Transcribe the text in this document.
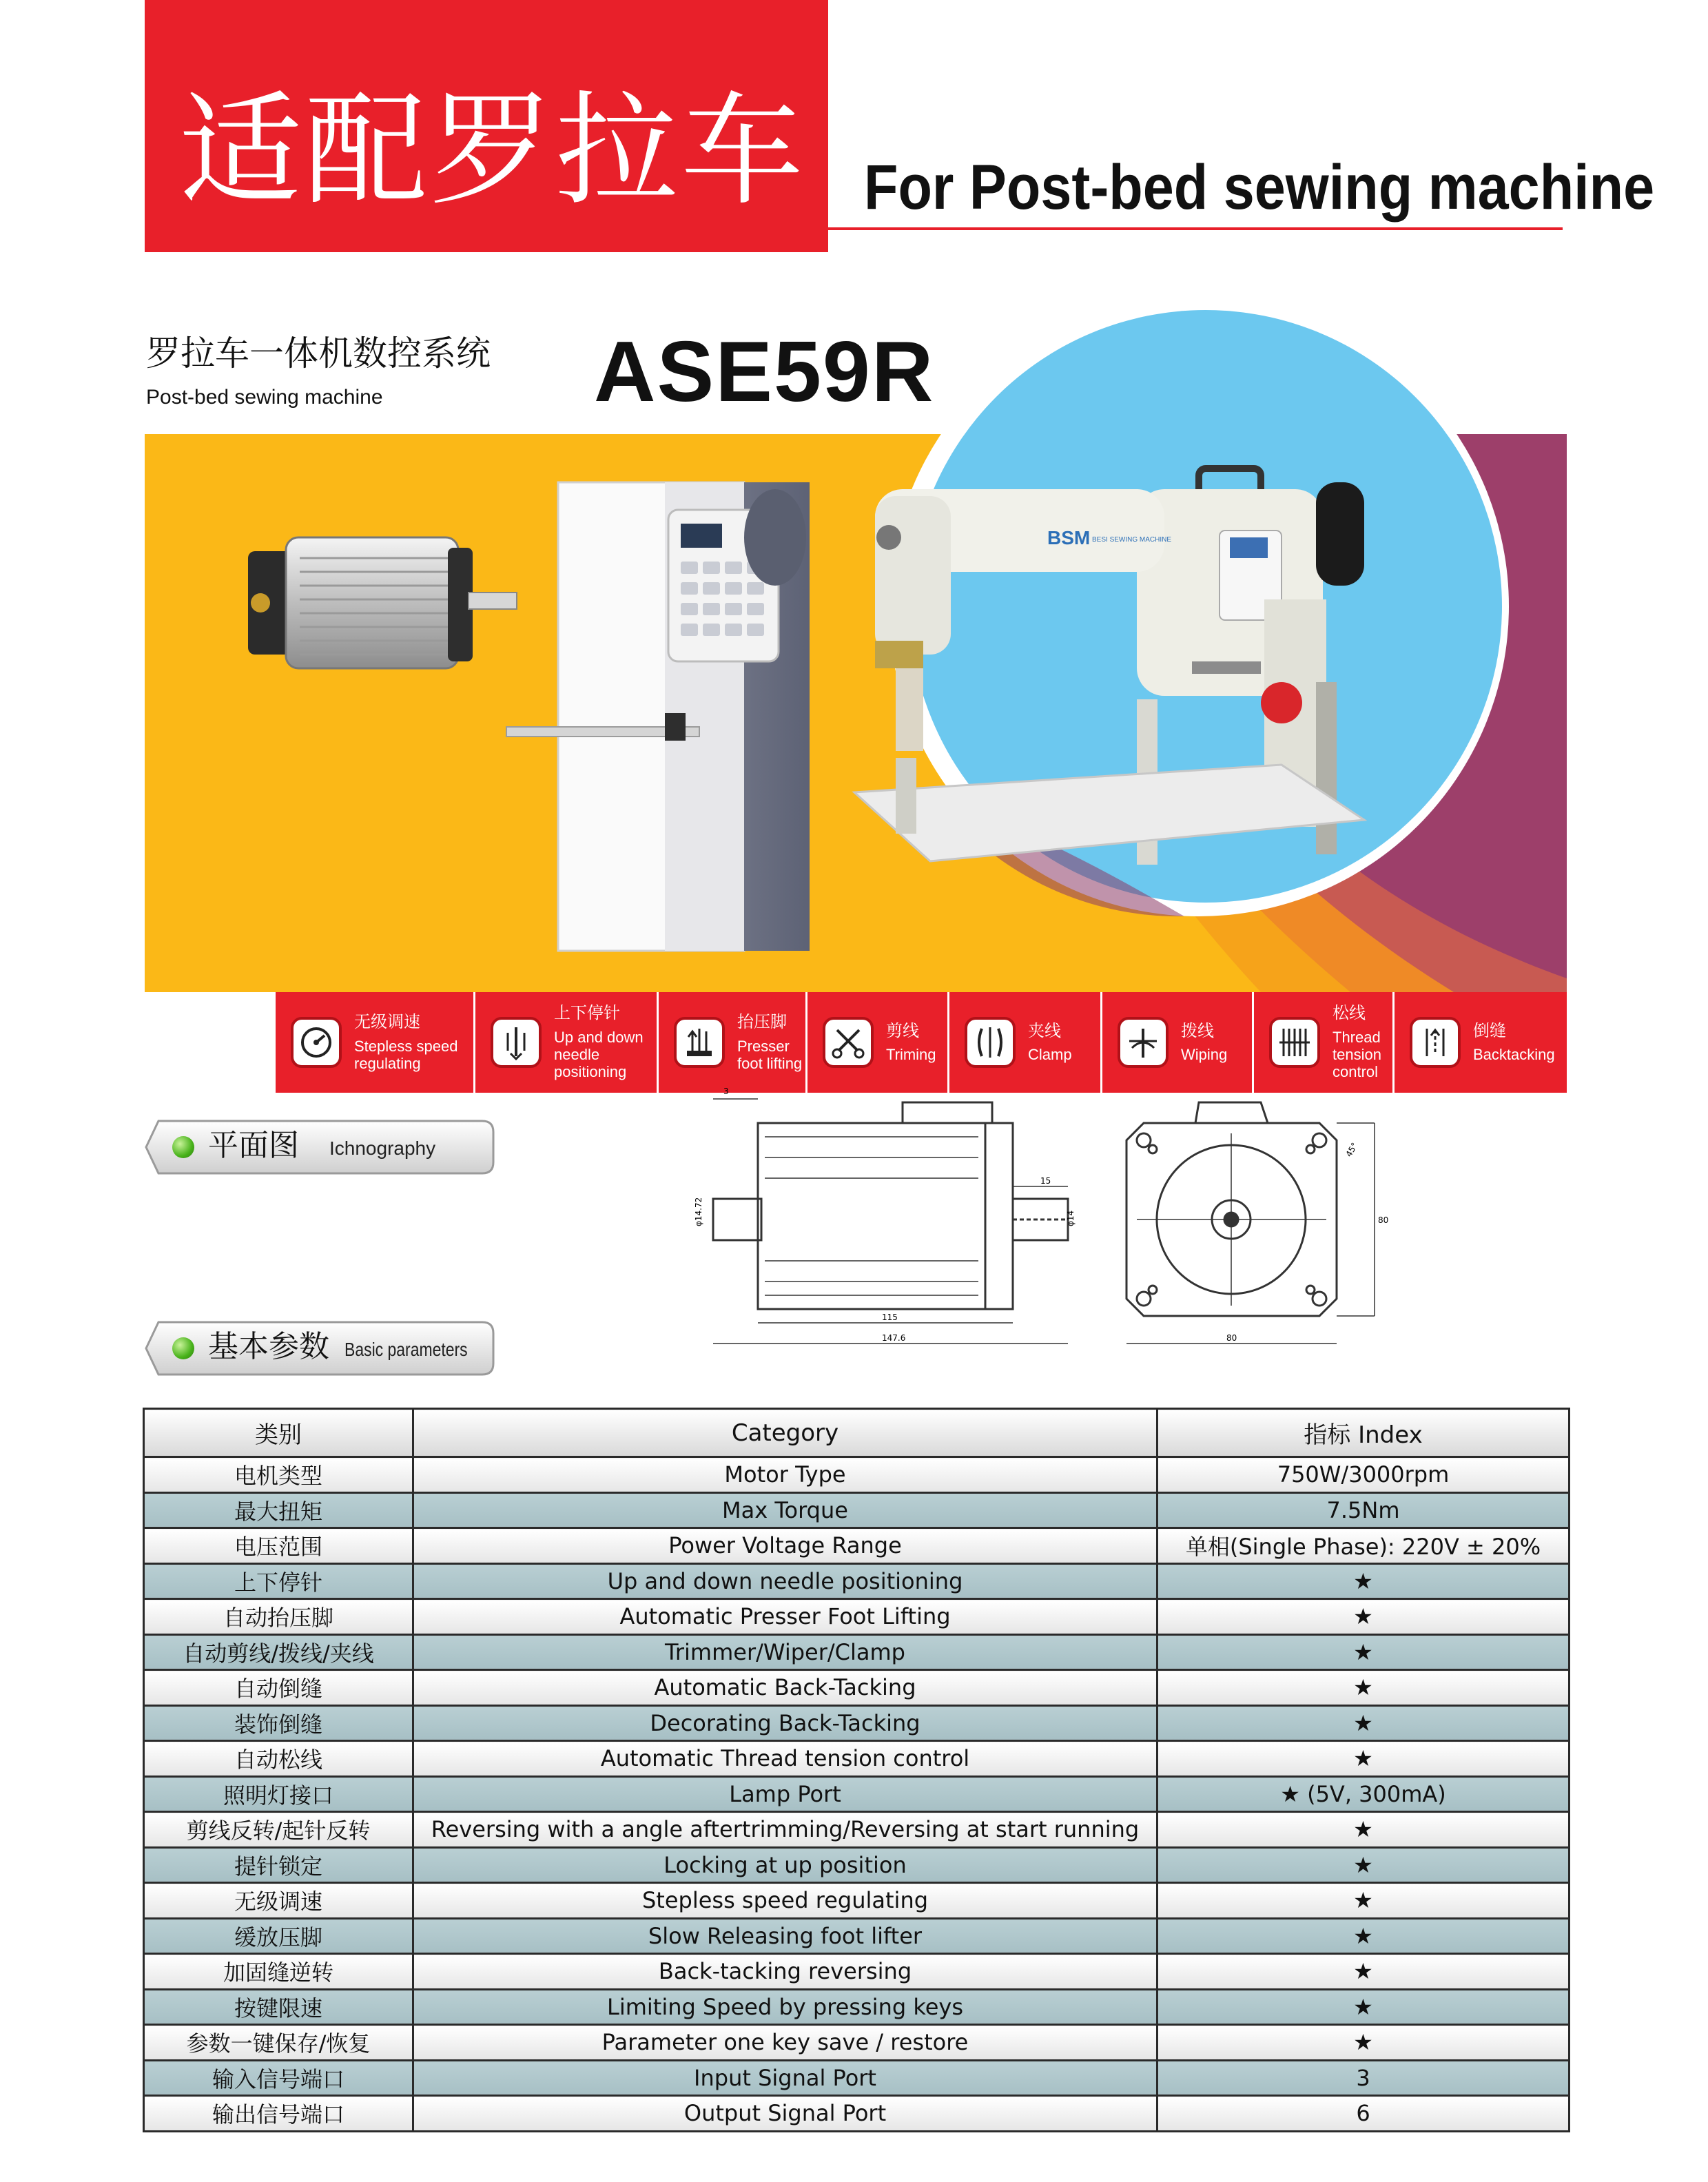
适配罗拉车 For Post-bed sewing machine
罗拉车一体机数控系统
Post-bed sewing machine ASE59R
BSM BESI SEWING MACHINE
无级调速
Stepless speed
regulating
上下停针
Up and down
needle
positioning
抬压脚
Presser
foot lifting
剪线
Triming
夹线
Clamp
拨线
Wiping
松线
Thread
tension
control
倒缝
Backtacking
平面图 Ichnography
115
147.6
15
3
φ14.72	φ14
80
80
45°
基本参数 Basic parameters
类别	Category	指标 Index
电机类型	Motor Type	750W/3000rpm
最大扭矩	Max Torque	7.5Nm
电压范围	Power Voltage Range	单相(Single Phase): 220V ± 20%
上下停针	Up and down needle positioning	★
自动抬压脚	Automatic Presser Foot Lifting	★
自动剪线/拨线/夹线	Trimmer/Wiper/Clamp	★
自动倒缝	Automatic Back-Tacking	★
装饰倒缝	Decorating Back-Tacking	★
自动松线	Automatic Thread tension control	★
照明灯接口	Lamp Port	★ (5V, 300mA)
剪线反转/起针反转	Reversing with a angle aftertrimming/Reversing at start running	★
提针锁定	Locking at up position	★
无级调速	Stepless speed regulating	★
缓放压脚	Slow Releasing foot lifter	★
加固缝逆转	Back-tacking reversing	★
按键限速	Limiting Speed by pressing keys	★
参数一键保存/恢复	Parameter one key save / restore	★
输入信号端口	Input Signal Port	3
输出信号端口	Output Signal Port	6
